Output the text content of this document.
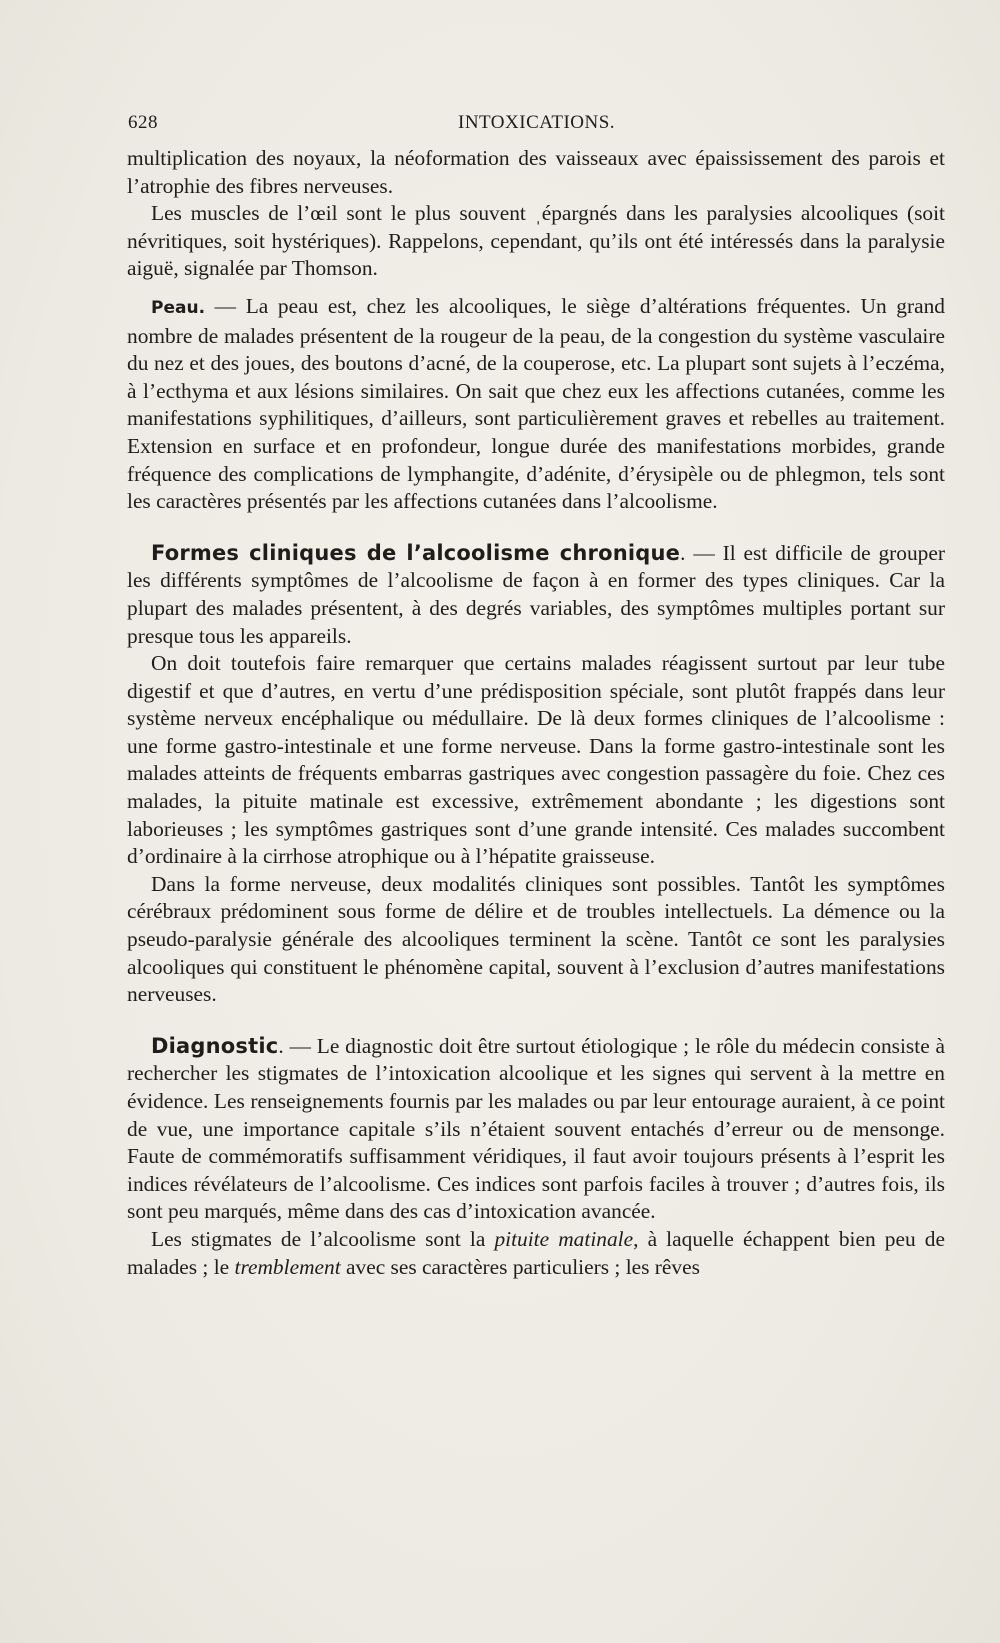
628	INTOXICATIONS.

multiplication des noyaux, la néoformation des vaisseaux avec épaississement des parois et l’atrophie des fibres nerveuses.

Les muscles de l’œil sont le plus souvent ˌépargnés dans les paralysies alcooliques (soit névritiques, soit hystériques). Rappelons, cependant, qu’ils ont été intéressés dans la paralysie aiguë, signalée par Thomson.

Peau. — La peau est, chez les alcooliques, le siège d’altérations fréquentes. Un grand nombre de malades présentent de la rougeur de la peau, de la congestion du système vasculaire du nez et des joues, des boutons d’acné, de la couperose, etc. La plupart sont sujets à l’eczéma, à l’ecthyma et aux lésions similaires. On sait que chez eux les affections cutanées, comme les manifestations syphilitiques, d’ailleurs, sont particulièrement graves et rebelles au traitement. Extension en surface et en profondeur, longue durée des manifestations morbides, grande fréquence des complications de lymphangite, d’adénite, d’érysipèle ou de phlegmon, tels sont les caractères présentés par les affections cutanées dans l’alcoolisme.

Formes cliniques de l’alcoolisme chronique. — Il est difficile de grouper les différents symptômes de l’alcoolisme de façon à en former des types cliniques. Car la plupart des malades présentent, à des degrés variables, des symptômes multiples portant sur presque tous les appareils.

On doit toutefois faire remarquer que certains malades réagissent surtout par leur tube digestif et que d’autres, en vertu d’une prédisposition spéciale, sont plutôt frappés dans leur système nerveux encéphalique ou médullaire. De là deux formes cliniques de l’alcoolisme : une forme gastro-intestinale et une forme nerveuse. Dans la forme gastro-intestinale sont les malades atteints de fréquents embarras gastriques avec congestion passagère du foie. Chez ces malades, la pituite matinale est excessive, extrêmement abondante ; les digestions sont laborieuses ; les symptômes gastriques sont d’une grande intensité. Ces malades succombent d’ordinaire à la cirrhose atrophique ou à l’hépatite graisseuse.

Dans la forme nerveuse, deux modalités cliniques sont possibles. Tantôt les symptômes cérébraux prédominent sous forme de délire et de troubles intellectuels. La démence ou la pseudo-paralysie générale des alcooliques terminent la scène. Tantôt ce sont les paralysies alcooliques qui constituent le phénomène capital, souvent à l’exclusion d’autres manifestations nerveuses.

Diagnostic. — Le diagnostic doit être surtout étiologique ; le rôle du médecin consiste à rechercher les stigmates de l’intoxication alcoolique et les signes qui servent à la mettre en évidence. Les renseignements fournis par les malades ou par leur entourage auraient, à ce point de vue, une importance capitale s’ils n’étaient souvent entachés d’erreur ou de mensonge. Faute de commémoratifs suffisamment véridiques, il faut avoir toujours présents à l’esprit les indices révélateurs de l’alcoolisme. Ces indices sont parfois faciles à trouver ; d’autres fois, ils sont peu marqués, même dans des cas d’intoxication avancée.

Les stigmates de l’alcoolisme sont la pituite matinale, à laquelle échappent bien peu de malades ; le tremblement avec ses caractères particuliers ; les rêves
